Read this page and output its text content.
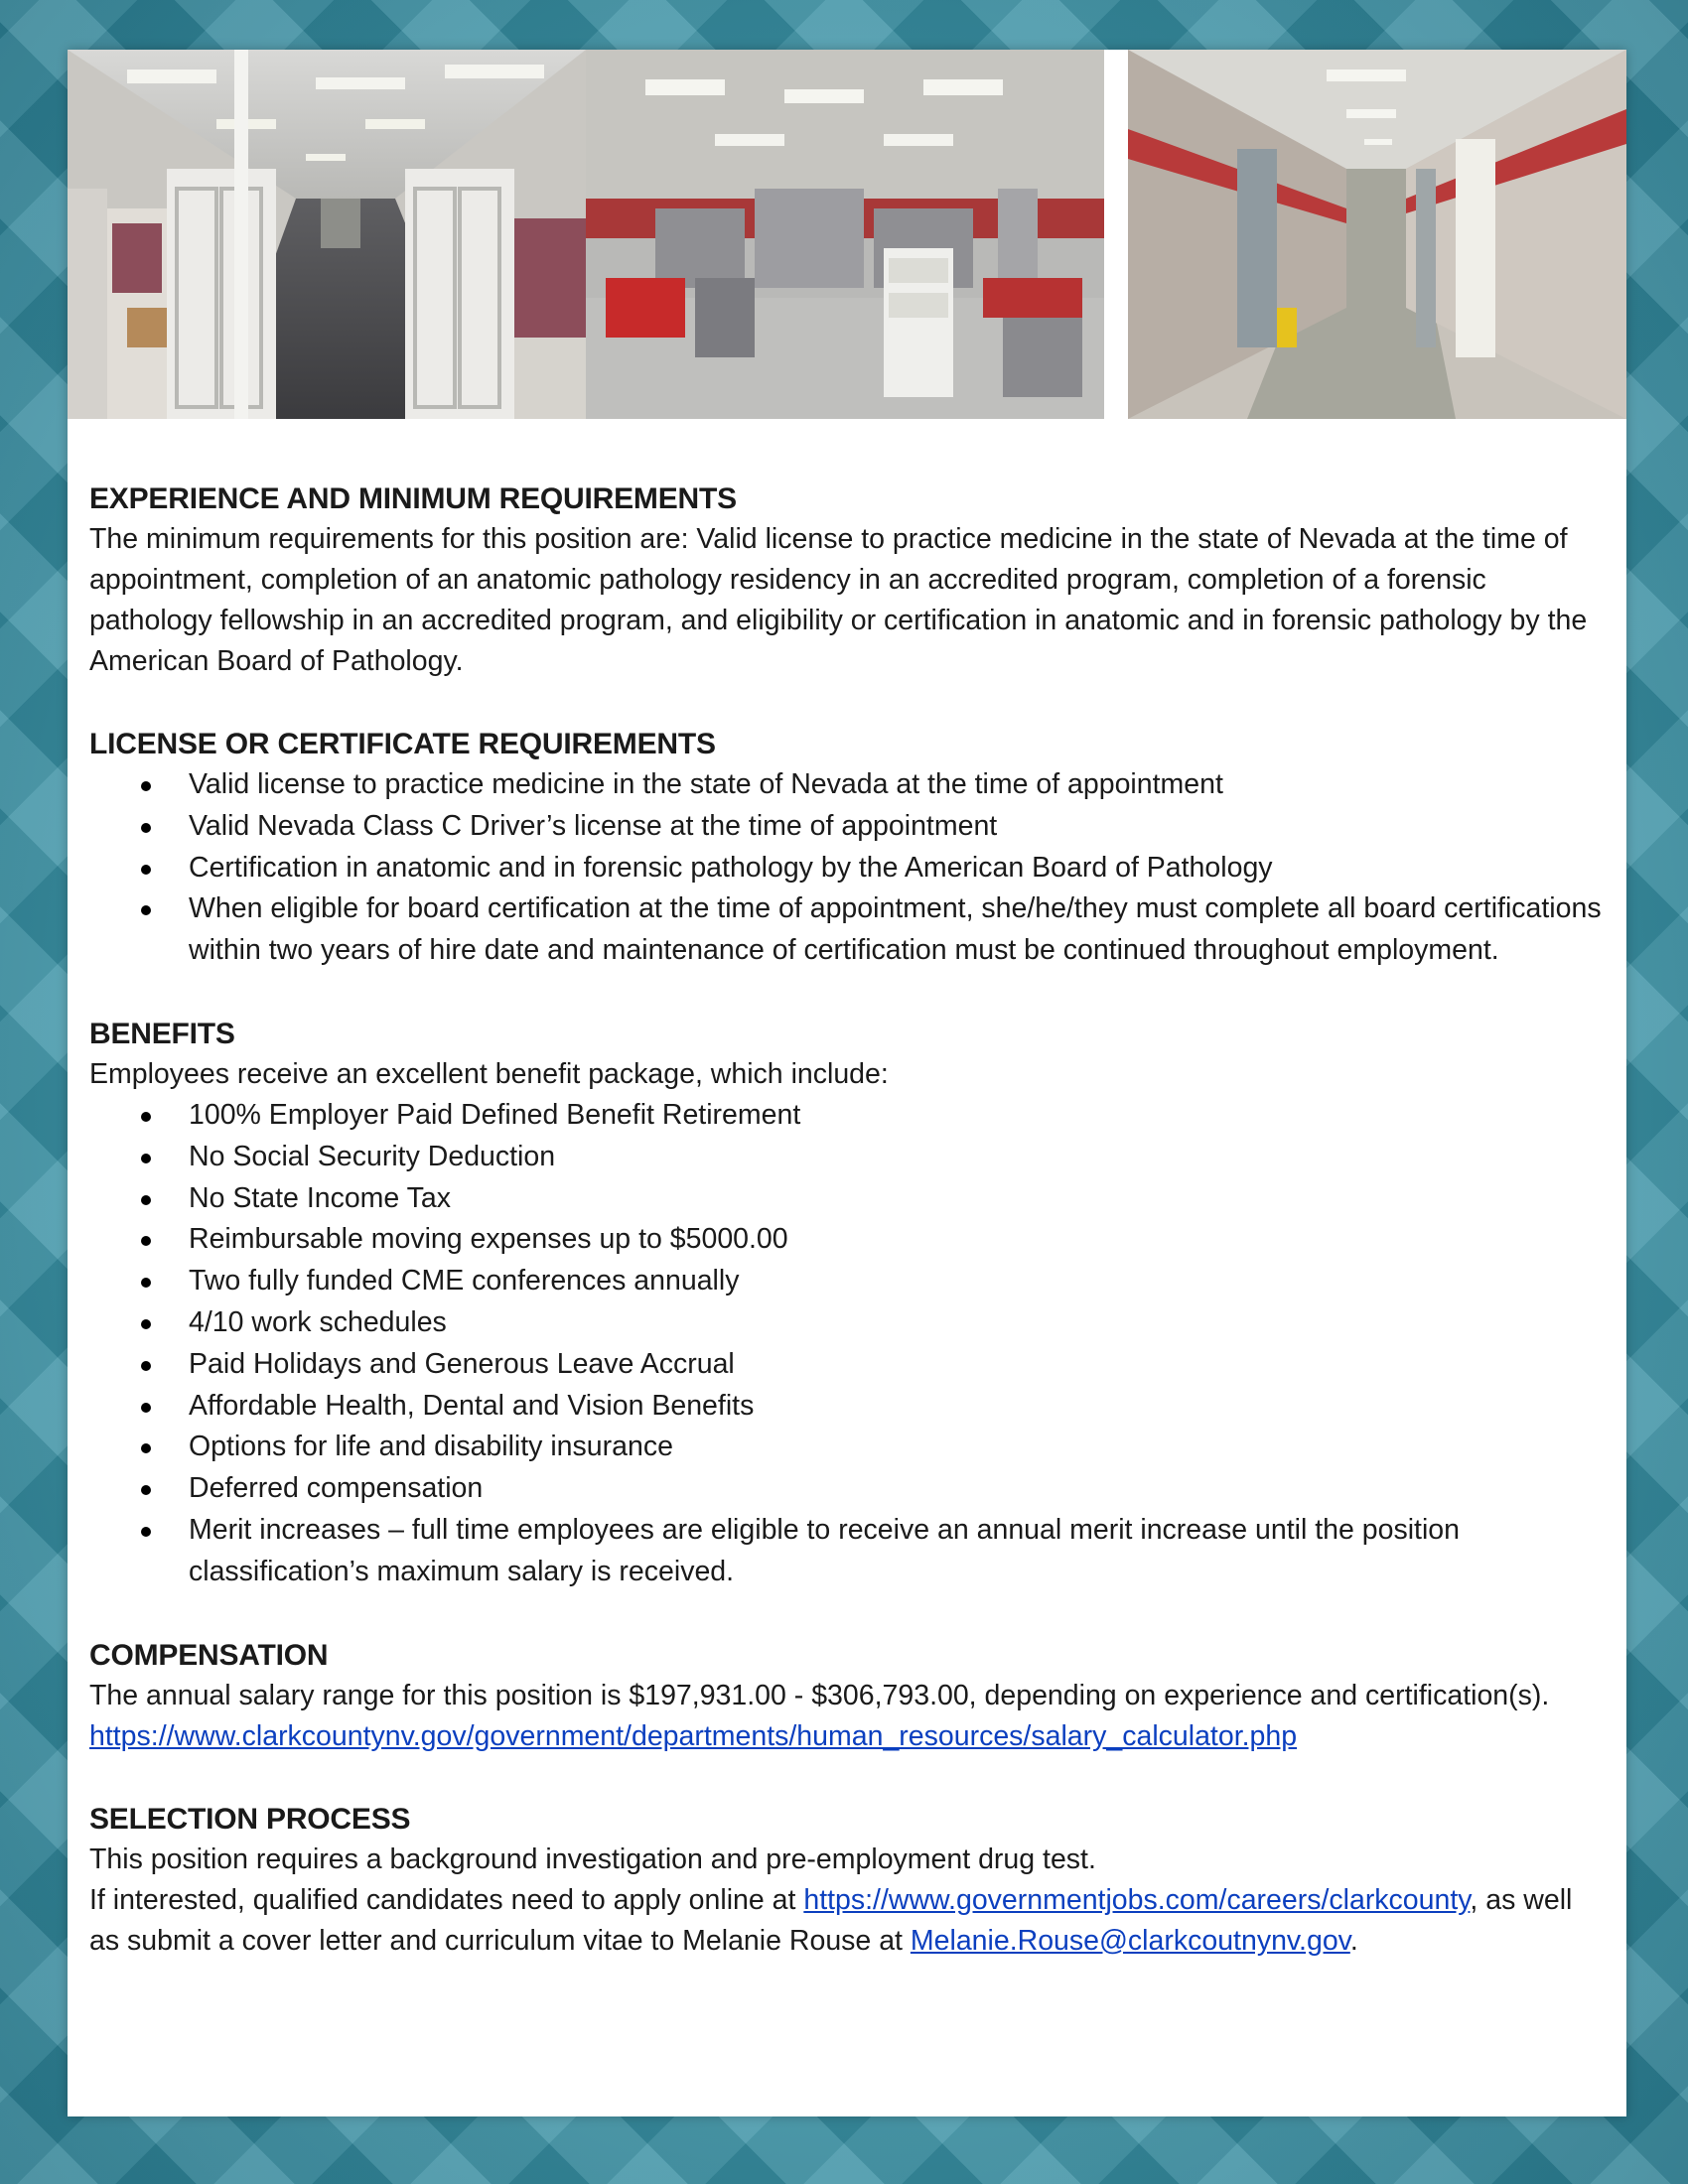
EXPERIENCE AND MINIMUM REQUIREMENTS

The minimum requirements for this position are: Valid license to practice medicine in the state of Nevada at the time of appointment, completion of an anatomic pathology residency in an accredited program, completion of a forensic pathology fellowship in an accredited program, and eligibility or certification in anatomic and in forensic pathology by the American Board of Pathology.

LICENSE OR CERTIFICATE REQUIREMENTS
Valid license to practice medicine in the state of Nevada at the time of appointment
Valid Nevada Class C Driver’s license at the time of appointment
Certification in anatomic and in forensic pathology by the American Board of Pathology
When eligible for board certification at the time of appointment, she/he/they must complete all board certifications within two years of hire date and maintenance of certification must be continued throughout employment.
BENEFITS

Employees receive an excellent benefit package, which include:

100% Employer Paid Defined Benefit Retirement
No Social Security Deduction
No State Income Tax
Reimbursable moving expenses up to $5000.00
Two fully funded CME conferences annually
4/10 work schedules
Paid Holidays and Generous Leave Accrual
Affordable Health, Dental and Vision Benefits
Options for life and disability insurance
Deferred compensation
Merit increases – full time employees are eligible to receive an annual merit increase until the position classification’s maximum salary is received.
COMPENSATION

The annual salary range for this position is $197,931.00 - $306,793.00, depending on experience and certification(s).

https://www.clarkcountynv.gov/government/departments/human_resources/salary_calculator.php

SELECTION PROCESS

This position requires a background investigation and pre-employment drug test.

If interested, qualified candidates need to apply online at https://www.governmentjobs.com/careers/clarkcounty, as well as submit a cover letter and curriculum vitae to Melanie Rouse at Melanie.Rouse@clarkcoutnynv.gov.
